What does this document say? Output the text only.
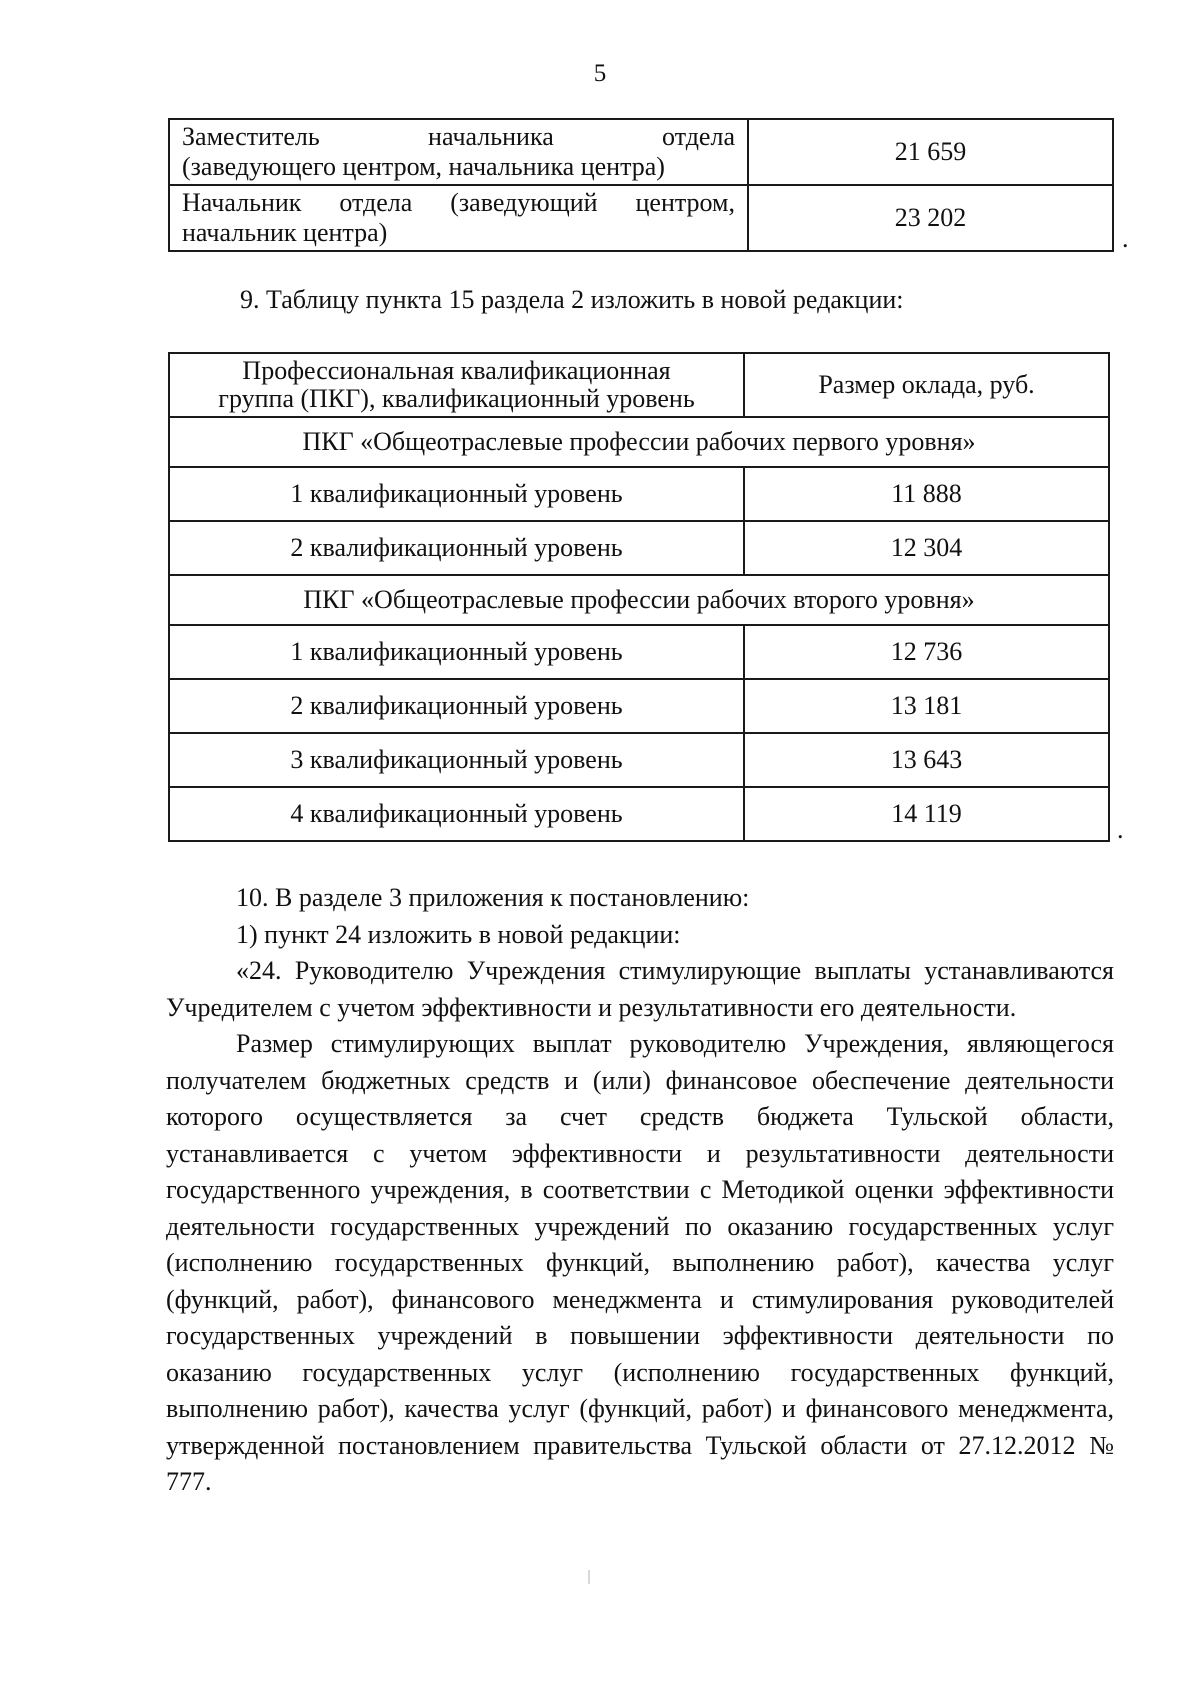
5
Заместитель начальника отдела
(заведующего центром, начальника центра)	21 659
Начальник отдела (заведующий центром,
начальник центра)	23 202
.
9. Таблицу пункта 15 раздела 2 изложить в новой редакции:
Профессиональная квалификационная
группа (ПКГ), квалификационный уровень	Размер оклада, руб.
ПКГ «Общеотраслевые профессии рабочих первого уровня»	
1 квалификационный уровень	11 888
2 квалификационный уровень	12 304
ПКГ «Общеотраслевые профессии рабочих второго уровня»	
1 квалификационный уровень	12 736
2 квалификационный уровень	13 181
3 квалификационный уровень	13 643
4 квалификационный уровень	14 119
.

10. В разделе 3 приложения к постановлению:

1) пункт 24 изложить в новой редакции:

«24. Руководителю Учреждения стимулирующие выплаты устанавливаются Учредителем с учетом эффективности и результативности его деятельности.

Размер стимулирующих выплат руководителю Учреждения, являющегося получателем бюджетных средств и (или) финансовое обеспечение деятельности которого осуществляется за счет средств бюджета Тульской области, устанавливается с учетом эффективности и результативности деятельности государственного учреждения, в соответствии с Методикой оценки эффективности деятельности государственных учреждений по оказанию государственных услуг (исполнению государственных функций, выполнению работ), качества услуг (функций, работ), финансового менеджмента и стимулирования руководителей государственных учреждений в повышении эффективности деятельности по оказанию государственных услуг (исполнению государственных функций, выполнению работ), качества услуг (функций, работ) и финансового менеджмента, утвержденной постановлением правительства Тульской области от 27.12.2012 № 777.
